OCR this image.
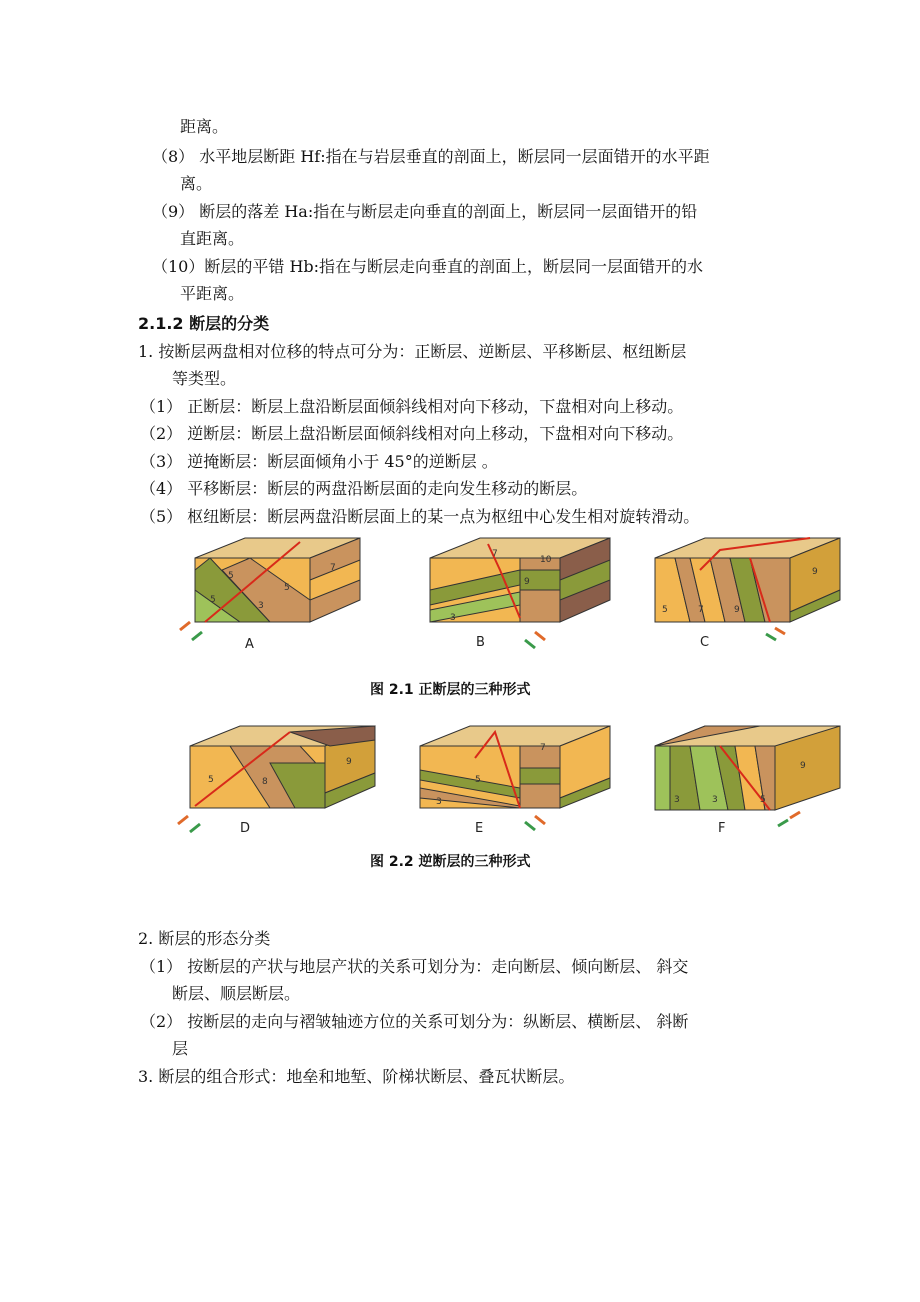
距离。
（8） 水平地层断距 Hf:指在与岩层垂直的剖面上，断层同一层面错开的水平距
离。
（9） 断层的落差 Ha:指在与断层走向垂直的剖面上，断层同一层面错开的铅
直距离。
（10）断层的平错 Hb:指在与断层走向垂直的剖面上，断层同一层面错开的水
平距离。
2.1.2 断层的分类
1. 按断层两盘相对位移的特点可分为：正断层、逆断层、平移断层、枢纽断层
等类型。
（1） 正断层：断层上盘沿断层面倾斜线相对向下移动，下盘相对向上移动。
（2） 逆断层：断层上盘沿断层面倾斜线相对向上移动，下盘相对向下移动。
（3） 逆掩断层：断层面倾角小于 45°的逆断层 。
（4） 平移断层：断层的两盘沿断层面的走向发生移动的断层。
（5） 枢纽断层：断层两盘沿断层面上的某一点为枢纽中心发生相对旋转滑动。
5
5
3
5
7
7
10
9
3
5	7	9
9
A	B	C
图 2.1 正断层的三种形式
5	8
9
5
3
7
3	3	5
9
D	E	F
图 2.2 逆断层的三种形式
2. 断层的形态分类
（1） 按断层的产状与地层产状的关系可划分为：走向断层、倾向断层、 斜交
断层、顺层断层。
（2） 按断层的走向与褶皱轴迹方位的关系可划分为：纵断层、横断层、 斜断
层
3. 断层的组合形式：地垒和地堑、阶梯状断层、叠瓦状断层。
